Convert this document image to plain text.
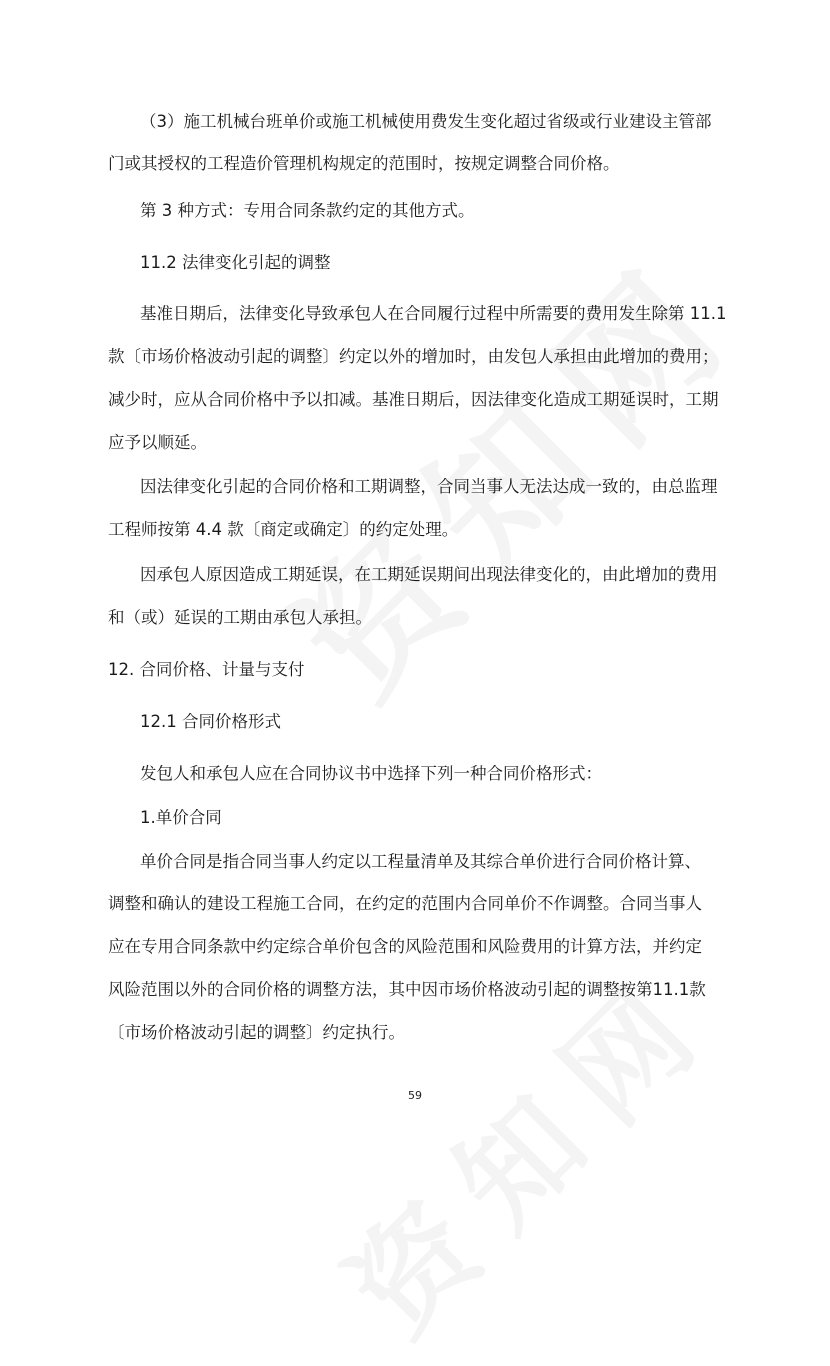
（3）施工机械台班单价或施工机械使用费发生变化超过省级或行业建设主管部
门或其授权的工程造价管理机构规定的范围时，按规定调整合同价格。
第 3 种方式：专用合同条款约定的其他方式。
11.2 法律变化引起的调整
基准日期后，法律变化导致承包人在合同履行过程中所需要的费用发生除第 11.1
款〔市场价格波动引起的调整〕约定以外的增加时，由发包人承担由此增加的费用；
减少时，应从合同价格中予以扣减。基准日期后，因法律变化造成工期延误时，工期
应予以顺延。
因法律变化引起的合同价格和工期调整，合同当事人无法达成一致的，由总监理
工程师按第 4.4 款〔商定或确定〕的约定处理。
因承包人原因造成工期延误，在工期延误期间出现法律变化的，由此增加的费用
和（或）延误的工期由承包人承担。
12. 合同价格、计量与支付
12.1 合同价格形式
发包人和承包人应在合同协议书中选择下列一种合同价格形式：
1.单价合同
单价合同是指合同当事人约定以工程量清单及其综合单价进行合同价格计算、
调整和确认的建设工程施工合同，在约定的范围内合同单价不作调整。合同当事人
应在专用合同条款中约定综合单价包含的风险范围和风险费用的计算方法，并约定
风险范围以外的合同价格的调整方法，其中因市场价格波动引起的调整按第11.1款
〔市场价格波动引起的调整〕约定执行。
59
